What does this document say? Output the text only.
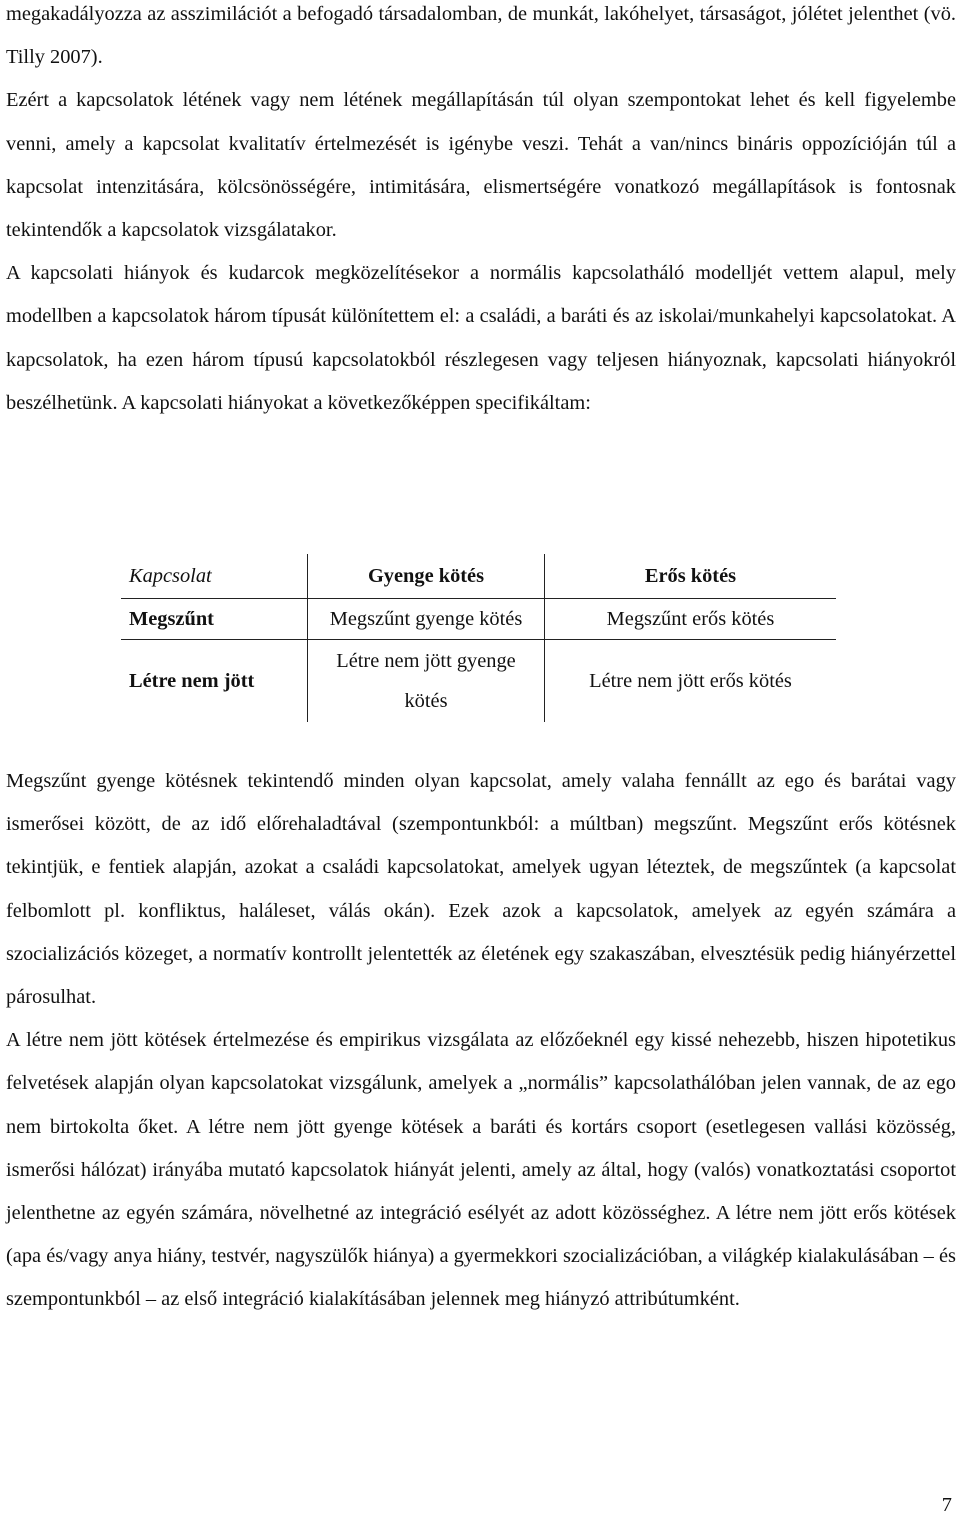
megakadályozza az asszimilációt a befogadó társadalomban, de munkát, lakóhelyet, társaságot, jólétet jelenthet (vö. Tilly 2007).

Ezért a kapcsolatok létének vagy nem létének megállapításán túl olyan szempontokat lehet és kell figyelembe venni, amely a kapcsolat kvalitatív értelmezését is igénybe veszi. Tehát a van/nincs bináris oppozícióján túl a kapcsolat intenzitására, kölcsönösségére, intimitására, elismertségére vonatkozó megállapítások is fontosnak tekintendők a kapcsolatok vizsgálatakor.

A kapcsolati hiányok és kudarcok megközelítésekor a normális kapcsolatháló modelljét vettem alapul, mely modellben a kapcsolatok három típusát különítettem el: a családi, a baráti és az iskolai/munkahelyi kapcsolatokat. A kapcsolatok, ha ezen három típusú kapcsolatokból részlegesen vagy teljesen hiányoznak, kapcsolati hiányokról beszélhetünk. A kapcsolati hiányokat a következőképpen specifikáltam:

Kapcsolat	Gyenge kötés	Erős kötés
Megszűnt	Megszűnt gyenge kötés	Megszűnt erős kötés
Létre nem jött	Létre nem jött gyenge kötés	Létre nem jött erős kötés

Megszűnt gyenge kötésnek tekintendő minden olyan kapcsolat, amely valaha fennállt az ego és barátai vagy ismerősei között, de az idő előrehaladtával (szempontunkból: a múltban) megszűnt. Megszűnt erős kötésnek tekintjük, e fentiek alapján, azokat a családi kapcsolatokat, amelyek ugyan léteztek, de megszűntek (a kapcsolat felbomlott pl. konfliktus, haláleset, válás okán). Ezek azok a kapcsolatok, amelyek az egyén számára a szocializációs közeget, a normatív kontrollt jelentették az életének egy szakaszában, elvesztésük pedig hiányérzettel párosulhat.

A létre nem jött kötések értelmezése és empirikus vizsgálata az előzőeknél egy kissé nehezebb, hiszen hipotetikus felvetések alapján olyan kapcsolatokat vizsgálunk, amelyek a „normális” kapcsolathálóban jelen vannak, de az ego nem birtokolta őket. A létre nem jött gyenge kötések a baráti és kortárs csoport (esetlegesen vallási közösség, ismerősi hálózat) irányába mutató kapcsolatok hiányát jelenti, amely az által, hogy (valós) vonatkoztatási csoportot jelenthetne az egyén számára, növelhetné az integráció esélyét az adott közösséghez. A létre nem jött erős kötések (apa és/vagy anya hiány, testvér, nagyszülők hiánya) a gyermekkori szocializációban, a világkép kialakulásában – és szempontunkból – az első integráció kialakításában jelennek meg hiányzó attribútumként.

7
